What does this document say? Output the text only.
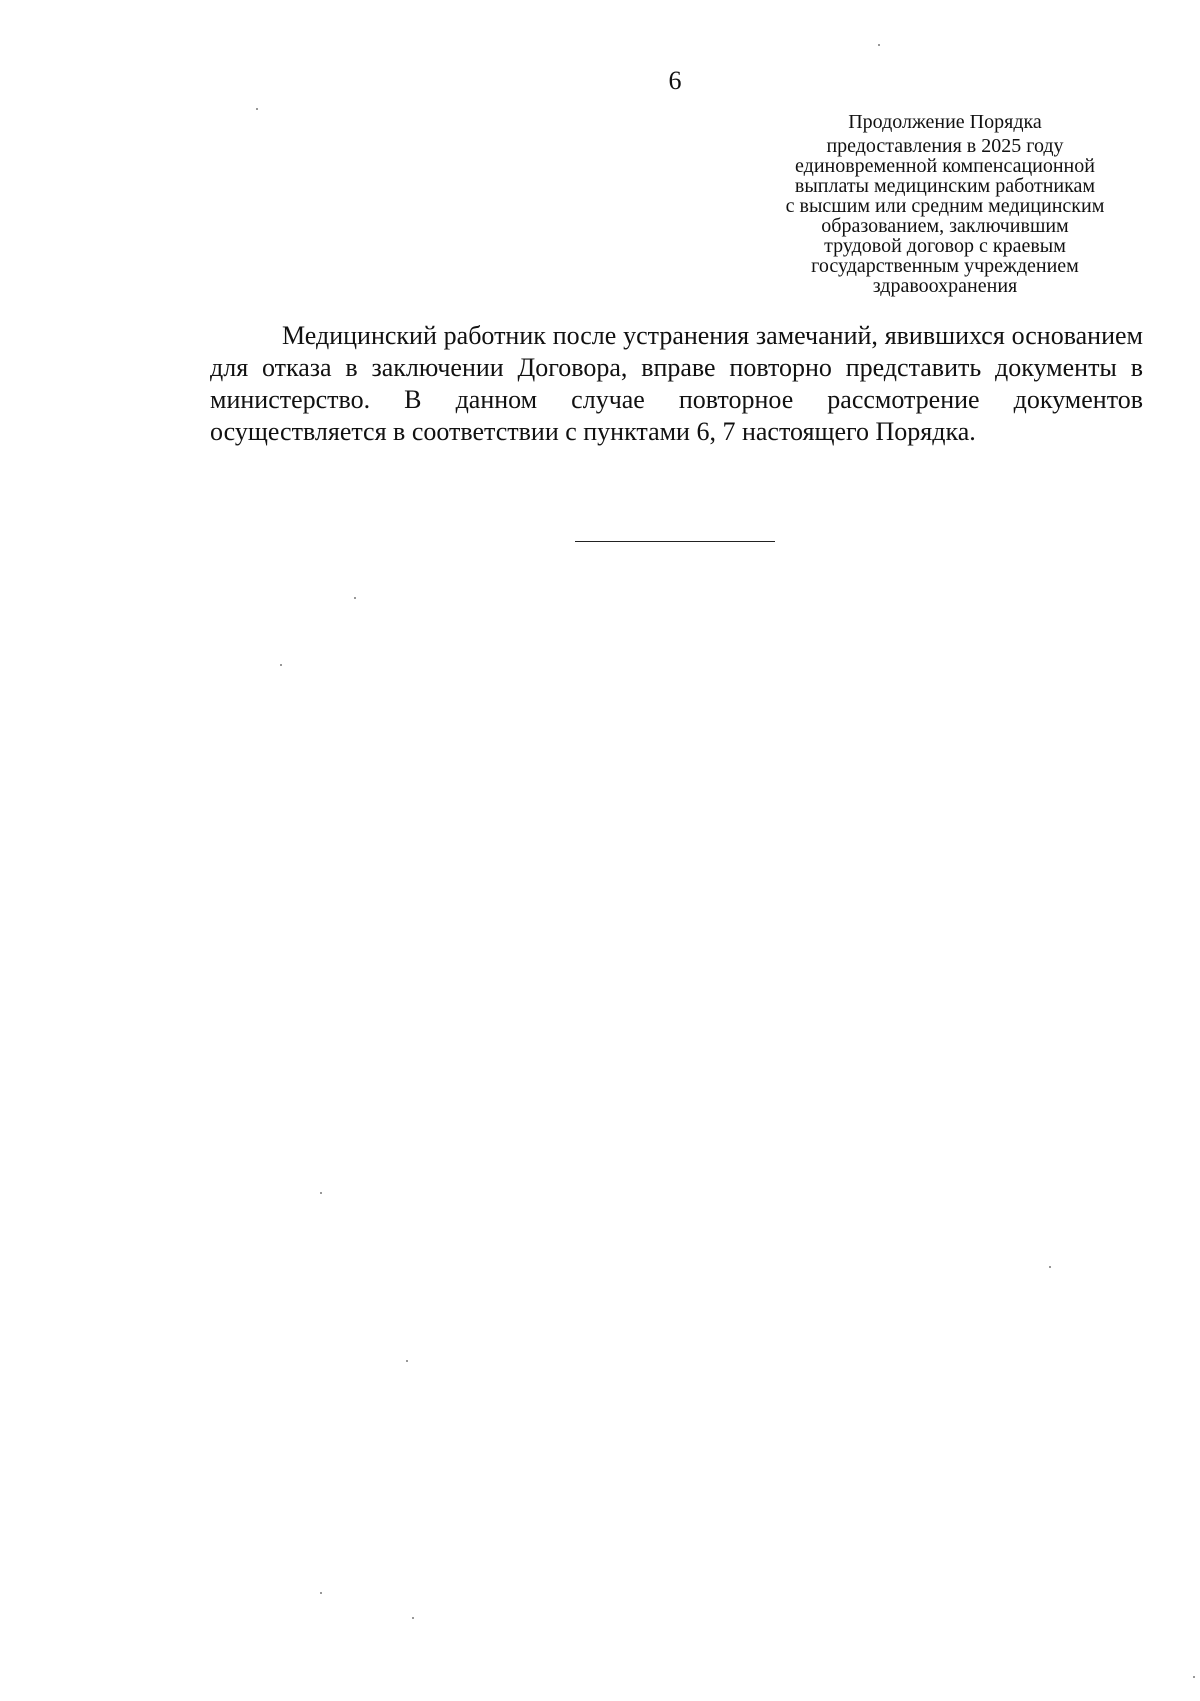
6
Продолжение Порядка
предоставления в 2025 году
единовременной компенсационной
выплаты медицинским работникам
с высшим или средним медицинским
образованием, заключившим
трудовой договор с краевым
государственным учреждением
здравоохранения

Медицинский работник после устранения замечаний, явившихся основанием для отказа в заключении Договора, вправе повторно представить документы в министерство. В данном случае повторное рассмотрение документов осуществляется в соответствии с пунктами 6, 7 настоящего Порядка.
